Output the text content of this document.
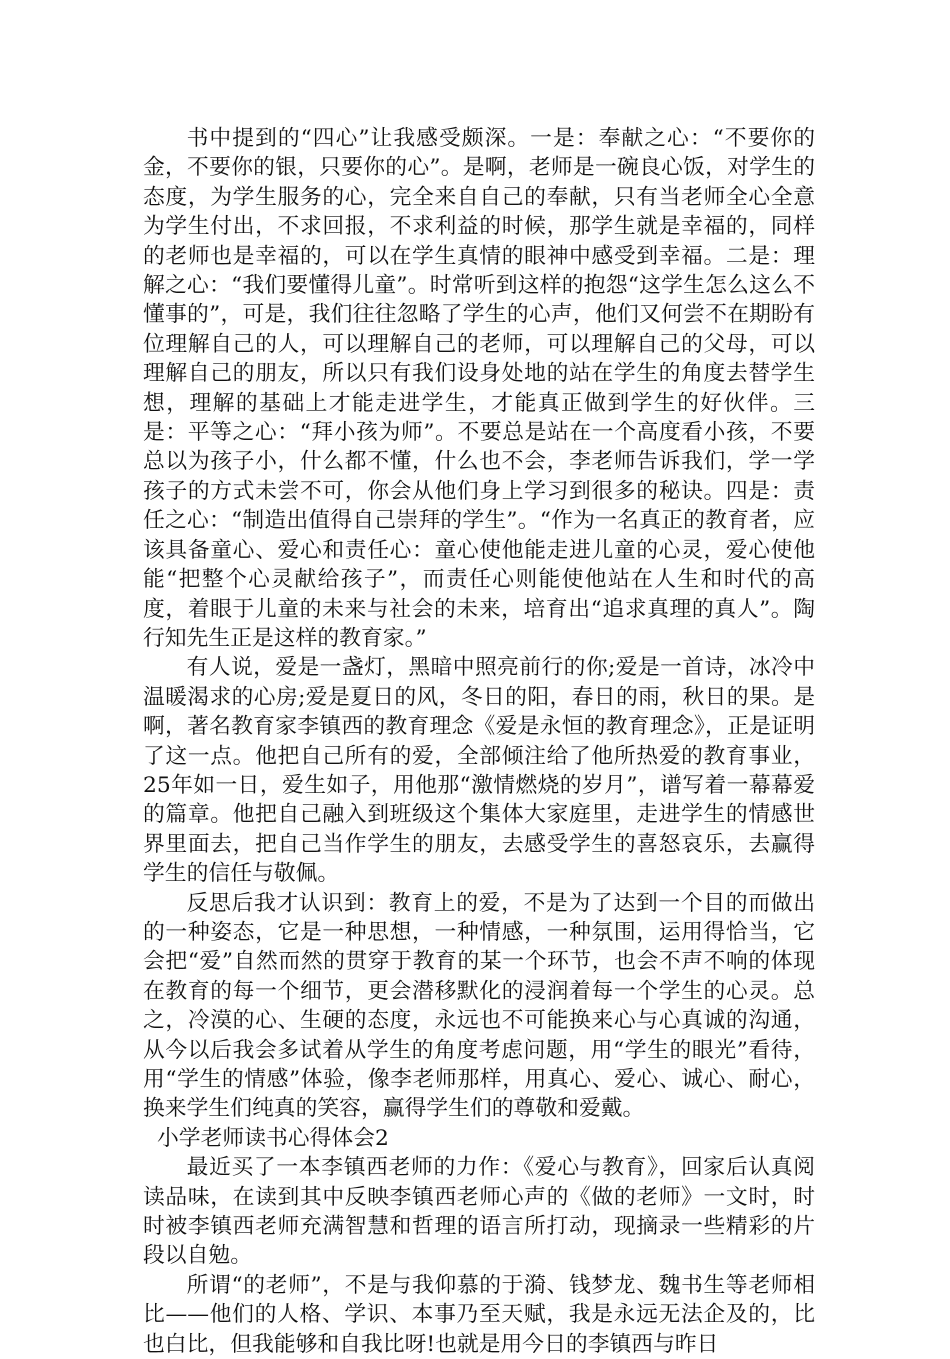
书中提到的“四心”让我感受颇深。一是：奉献之心：“不要你的金，不要你的银，只要你的心”。是啊，老师是一碗良心饭，对学生的态度，为学生服务的心，完全来自自己的奉献，只有当老师全心全意为学生付出，不求回报，不求利益的时候，那学生就是幸福的，同样的老师也是幸福的，可以在学生真情的眼神中感受到幸福。二是：理解之心：“我们要懂得儿童”。时常听到这样的抱怨“这学生怎么这么不懂事的”，可是，我们往往忽略了学生的心声，他们又何尝不在期盼有位理解自己的人，可以理解自己的老师，可以理解自己的父母，可以理解自己的朋友，所以只有我们设身处地的站在学生的角度去替学生想，理解的基础上才能走进学生，才能真正做到学生的好伙伴。三是：平等之心：“拜小孩为师”。不要总是站在一个高度看小孩，不要总以为孩子小，什么都不懂，什么也不会，李老师告诉我们，学一学孩子的方式未尝不可，你会从他们身上学习到很多的秘诀。四是：责任之心：“制造出值得自己崇拜的学生”。“作为一名真正的教育者，应该具备童心、爱心和责任心：童心使他能走进儿童的心灵，爱心使他能“把整个心灵献给孩子”，而责任心则能使他站在人生和时代的高度，着眼于儿童的未来与社会的未来，培育出“追求真理的真人”。陶行知先生正是这样的教育家。”

有人说，爱是一盏灯，黑暗中照亮前行的你;爱是一首诗，冰冷中温暖渴求的心房;爱是夏日的风，冬日的阳，春日的雨，秋日的果。是啊，著名教育家李镇西的教育理念《爱是永恒的教育理念》，正是证明了这一点。他把自己所有的爱，全部倾注给了他所热爱的教育事业，25年如一日，爱生如子，用他那“激情燃烧的岁月”，谱写着一幕幕爱的篇章。他把自己融入到班级这个集体大家庭里，走进学生的情感世界里面去，把自己当作学生的朋友，去感受学生的喜怒哀乐，去赢得学生的信任与敬佩。

反思后我才认识到：教育上的爱，不是为了达到一个目的而做出的一种姿态，它是一种思想，一种情感，一种氛围，运用得恰当，它会把“爱”自然而然的贯穿于教育的某一个环节，也会不声不响的体现在教育的每一个细节，更会潜移默化的浸润着每一个学生的心灵。总之，冷漠的心、生硬的态度，永远也不可能换来心与心真诚的沟通，从今以后我会多试着从学生的角度考虑问题，用“学生的眼光”看待，用“学生的情感”体验，像李老师那样，用真心、爱心、诚心、耐心，换来学生们纯真的笑容，赢得学生们的尊敬和爱戴。

小学老师读书心得体会2

最近买了一本李镇西老师的力作：《爱心与教育》，回家后认真阅读品味，在读到其中反映李镇西老师心声的《做的老师》一文时，时时被李镇西老师充满智慧和哲理的语言所打动，现摘录一些精彩的片段以自勉。

所谓“的老师”，不是与我仰慕的于漪、钱梦龙、魏书生等老师相比——他们的人格、学识、本事乃至天赋，我是永远无法企及的，比也白比，但我能够和自我比呀!也就是用今日的李镇西与昨日
